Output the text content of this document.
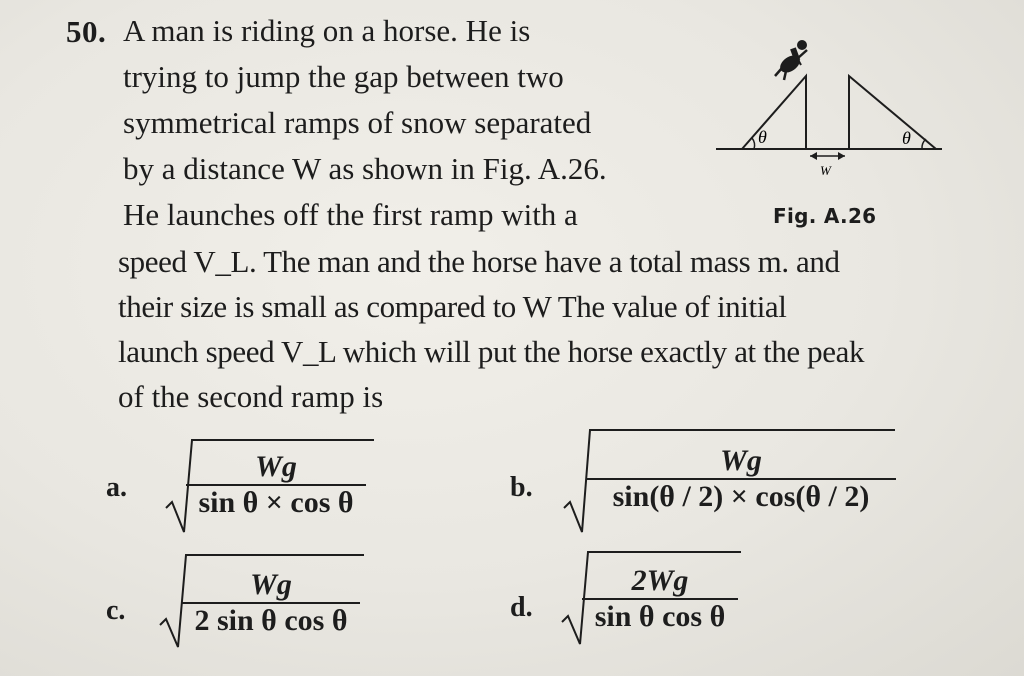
50. A man is riding on a horse. He is
trying to jump the gap between two
symmetrical ramps of snow separated
by a distance W as shown in Fig. A.26.
He launches off the first ramp with a
speed V_L. The man and the horse have a total mass m. and
their size is small as compared to W The value of initial
launch speed V_L which will put the horse exactly at the peak
of the second ramp is
θ	θ
W
Fig. A.26
a. $\frac{Wg}{\text{sin θ × cos θ}}$	b. $\frac{Wg}{\sin(\theta / 2) \times \cos(\theta / 2)}$
c. $\frac{Wg}{\text{2 sin θ cos θ}}$	d. $\frac{2Wg}{\text{sin θ cos θ}}$
